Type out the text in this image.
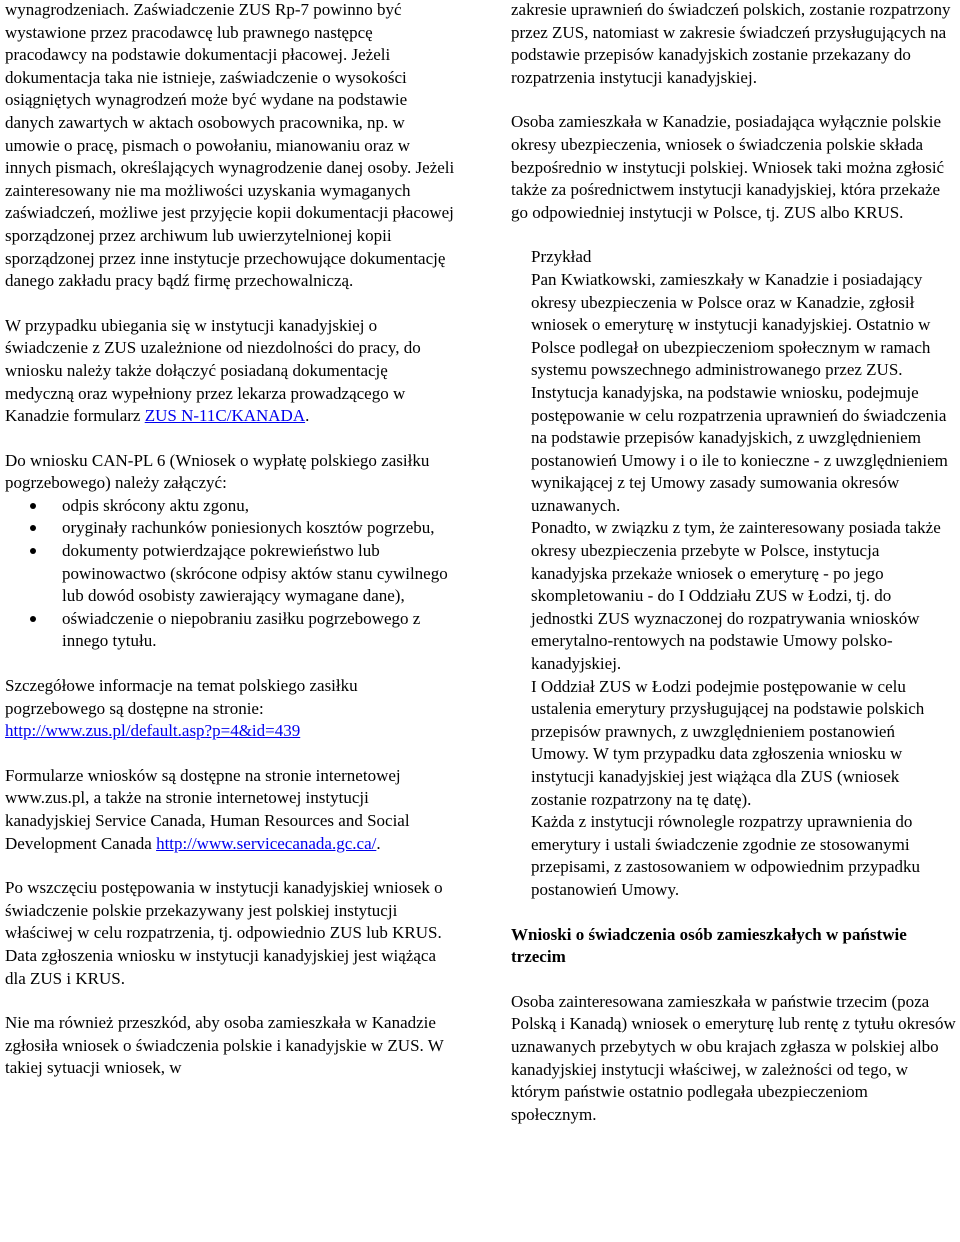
wynagrodzeniach. Zaświadczenie ZUS Rp-7 powinno być wystawione przez pracodawcę lub prawnego następcę pracodawcy na podstawie dokumentacji płacowej. Jeżeli dokumentacja taka nie istnieje, zaświadczenie o wysokości osiągniętych wynagrodzeń może być wydane na podstawie danych zawartych w aktach osobowych pracownika, np. w umowie o pracę, pismach o powołaniu, mianowaniu oraz w innych pismach, określających wynagrodzenie danej osoby. Jeżeli zainteresowany nie ma możliwości uzyskania wymaganych zaświadczeń, możliwe jest przyjęcie kopii dokumentacji płacowej sporządzonej przez archiwum lub uwierzytelnionej kopii sporządzonej przez inne instytucje przechowujące dokumentację danego zakładu pracy bądź firmę przechowalniczą.

W przypadku ubiegania się w instytucji kanadyjskiej o świadczenie z ZUS uzależnione od niezdolności do pracy, do wniosku należy także dołączyć posiadaną dokumentację medyczną oraz wypełniony przez lekarza prowadzącego w Kanadzie formularz ZUS N-11C/KANADA.

Do wniosku CAN-PL 6 (Wniosek o wypłatę polskiego zasiłku pogrzebowego) należy załączyć:

odpis skrócony aktu zgonu,
oryginały rachunków poniesionych kosztów pogrzebu,
dokumenty potwierdzające pokrewieństwo lub powinowactwo (skrócone odpisy aktów stanu cywilnego lub dowód osobisty zawierający wymagane dane),
oświadczenie o niepobraniu zasiłku pogrzebowego z innego tytułu.

Szczegółowe informacje na temat polskiego zasiłku pogrzebowego są dostępne na stronie: http://www.zus.pl/default.asp?p=4&id=439

Formularze wniosków są dostępne na stronie internetowej www.zus.pl, a także na stronie internetowej instytucji kanadyjskiej Service Canada, Human Resources and Social Development Canada http://www.servicecanada.gc.ca/.

Po wszczęciu postępowania w instytucji kanadyjskiej wniosek o świadczenie polskie przekazywany jest polskiej instytucji właściwej w celu rozpatrzenia, tj. odpowiednio ZUS lub KRUS. Data zgłoszenia wniosku w instytucji kanadyjskiej jest wiążąca dla ZUS i KRUS.

Nie ma również przeszkód, aby osoba zamieszkała w Kanadzie zgłosiła wniosek o świadczenia polskie i kanadyjskie w ZUS. W takiej sytuacji wniosek, w

zakresie uprawnień do świadczeń polskich, zostanie rozpatrzony przez ZUS, natomiast w zakresie świadczeń przysługujących na podstawie przepisów kanadyjskich zostanie przekazany do rozpatrzenia instytucji kanadyjskiej.

Osoba zamieszkała w Kanadzie, posiadająca wyłącznie polskie okresy ubezpieczenia, wniosek o świadczenia polskie składa bezpośrednio w instytucji polskiej. Wniosek taki można zgłosić także za pośrednictwem instytucji kanadyjskiej, która przekaże go odpowiedniej instytucji w Polsce, tj. ZUS albo KRUS.

Przykład

Pan Kwiatkowski, zamieszkały w Kanadzie i posiadający okresy ubezpieczenia w Polsce oraz w Kanadzie, zgłosił wniosek o emeryturę w instytucji kanadyjskiej. Ostatnio w Polsce podlegał on ubezpieczeniom społecznym w ramach systemu powszechnego administrowanego przez ZUS. Instytucja kanadyjska, na podstawie wniosku, podejmuje postępowanie w celu rozpatrzenia uprawnień do świadczenia na podstawie przepisów kanadyjskich, z uwzględnieniem postanowień Umowy i o ile to konieczne - z uwzględnieniem wynikającej z tej Umowy zasady sumowania okresów uznawanych.

Ponadto, w związku z tym, że zainteresowany posiada także okresy ubezpieczenia przebyte w Polsce, instytucja kanadyjska przekaże wniosek o emeryturę - po jego skompletowaniu - do I Oddziału ZUS w Łodzi, tj. do jednostki ZUS wyznaczonej do rozpatrywania wniosków emerytalno-rentowych na podstawie Umowy polsko-kanadyjskiej.

I Oddział ZUS w Łodzi podejmie postępowanie w celu ustalenia emerytury przysługującej na podstawie polskich przepisów prawnych, z uwzględnieniem postanowień Umowy. W tym przypadku data zgłoszenia wniosku w instytucji kanadyjskiej jest wiążąca dla ZUS (wniosek zostanie rozpatrzony na tę datę).

Każda z instytucji równolegle rozpatrzy uprawnienia do emerytury i ustali świadczenie zgodnie ze stosowanymi przepisami, z zastosowaniem w odpowiednim przypadku postanowień Umowy.

Wnioski o świadczenia osób zamieszkałych w państwie trzecim

Osoba zainteresowana zamieszkała w państwie trzecim (poza Polską i Kanadą) wniosek o emeryturę lub rentę z tytułu okresów uznawanych przebytych w obu krajach zgłasza w polskiej albo kanadyjskiej instytucji właściwej, w zależności od tego, w którym państwie ostatnio podlegała ubezpieczeniom społecznym.
